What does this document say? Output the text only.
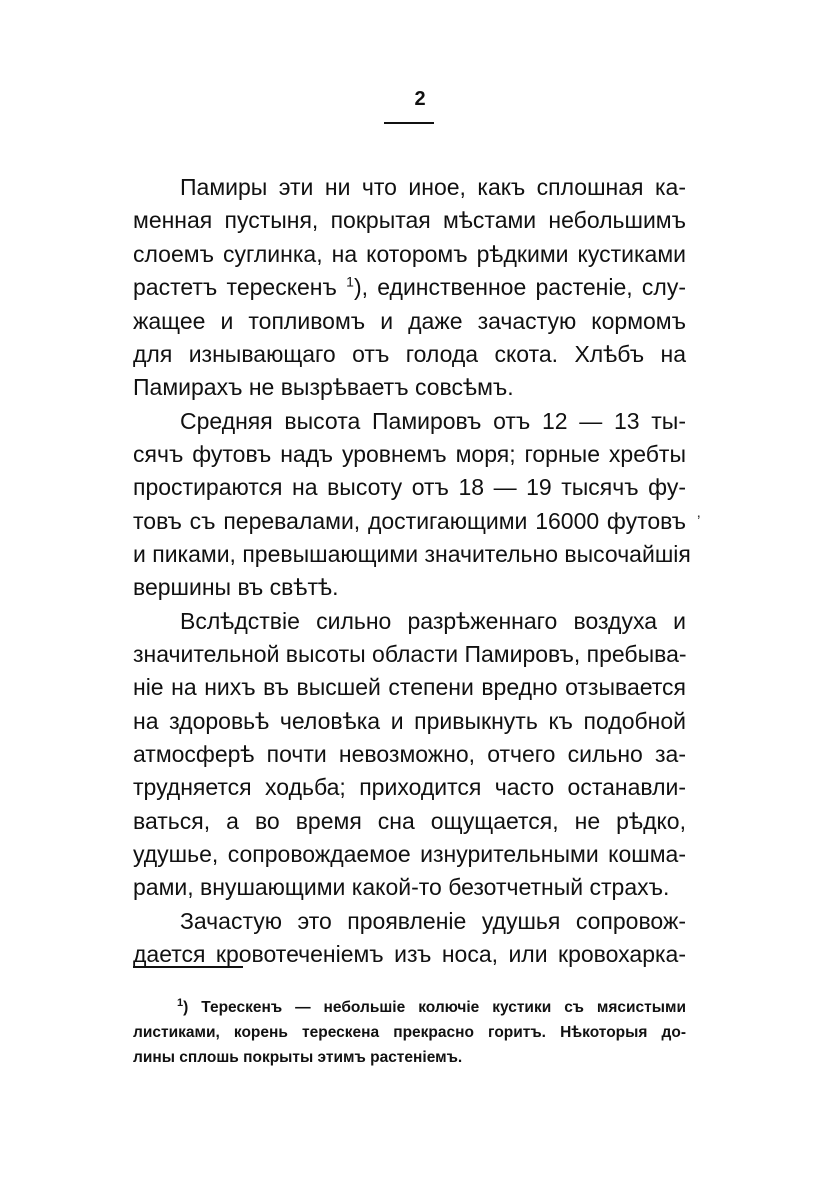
2
Памиры эти ни что иное, какъ сплошная ка-
менная пустыня, покрытая мѣстами небольшимъ
слоемъ суглинка, на которомъ рѣдкими кустиками
растетъ терескенъ $^1$), единственное растенiе, слу-
жащее и топливомъ и даже зачастую кормомъ
для изнывающаго отъ голода скота. Хлѣбъ на
Памирахъ не вызрѣваетъ совсѣмъ.
Средняя высота Памировъ отъ 12 — 13 ты-
сячъ футовъ надъ уровнемъ моря; горные хребты
простираются на высоту отъ 18 — 19 тысячъ фу-
товъ съ перевалами, достигающими 16000 футовъ
и пиками, превышающими значительно высочайшiя
вершины въ свѣтѣ.
Вслѣдствiе сильно разрѣженнаго воздуха и
значительной высоты области Памировъ, пребыва-
нiе на нихъ въ высшей степени вредно отзывается
на здоровьѣ человѣка и привыкнуть къ подобной
атмосферѣ почти невозможно, отчего сильно за-
трудняется ходьба; приходится часто останавли-
ваться, а во время сна ощущается, не рѣдко,
удушье, сопровождаемое изнурительными кошма-
рами, внушающими какой-то безотчетный страхъ.
Зачастую это проявленiе удушья сопровож-
дается кровотеченiемъ изъ носа, или кровохарка-
ʼ
$^1$) Терескенъ — небольшiе колючiе кустики съ мясистыми
листиками, корень терескена прекрасно горитъ. Нѣкоторыя до-
лины сплошь покрыты этимъ растенiемъ.
